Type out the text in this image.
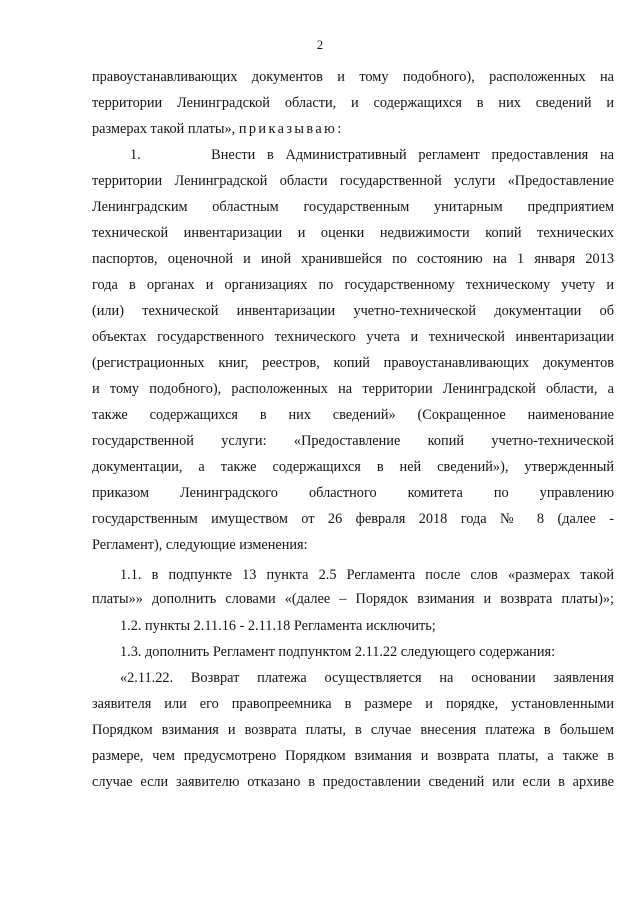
2

правоустанавливающих документов и тому подобного), расположенных на

территории Ленинградской области, и содержащихся в них сведений и

размерах такой платы», приказываю:

1.      Внести в Административный регламент предоставления на

территории Ленинградской области государственной услуги «Предоставление

Ленинградским областным государственным унитарным предприятием

технической инвентаризации и оценки недвижимости копий технических

паспортов, оценочной и иной хранившейся по состоянию на 1 января 2013

года в органах и организациях по государственному техническому учету и

(или) технической инвентаризации учетно-технической документации об

объектах государственного технического учета и технической инвентаризации

(регистрационных книг, реестров, копий правоустанавливающих документов

и тому подобного), расположенных на территории Ленинградской области, а

также содержащихся в них сведений» (Сокращенное наименование

государственной услуги: «Предоставление копий учетно-технической

документации, а также содержащихся в ней сведений»), утвержденный

приказом Ленинградского областного комитета по управлению

государственным имуществом от 26 февраля 2018 года № 8 (далее -

Регламент), следующие изменения:

1.1. в подпункте 13 пункта 2.5 Регламента после слов «размерах такой

платы»» дополнить словами «(далее – Порядок взимания и возврата платы)»;

1.2. пункты 2.11.16 - 2.11.18 Регламента исключить;

1.3. дополнить Регламент подпунктом 2.11.22 следующего содержания:

«2.11.22. Возврат платежа осуществляется на основании заявления

заявителя или его правопреемника в размере и порядке, установленными

Порядком взимания и возврата платы, в случае внесения платежа в большем

размере, чем предусмотрено Порядком взимания и возврата платы, а также в

случае если заявителю отказано в предоставлении сведений или если в архиве
